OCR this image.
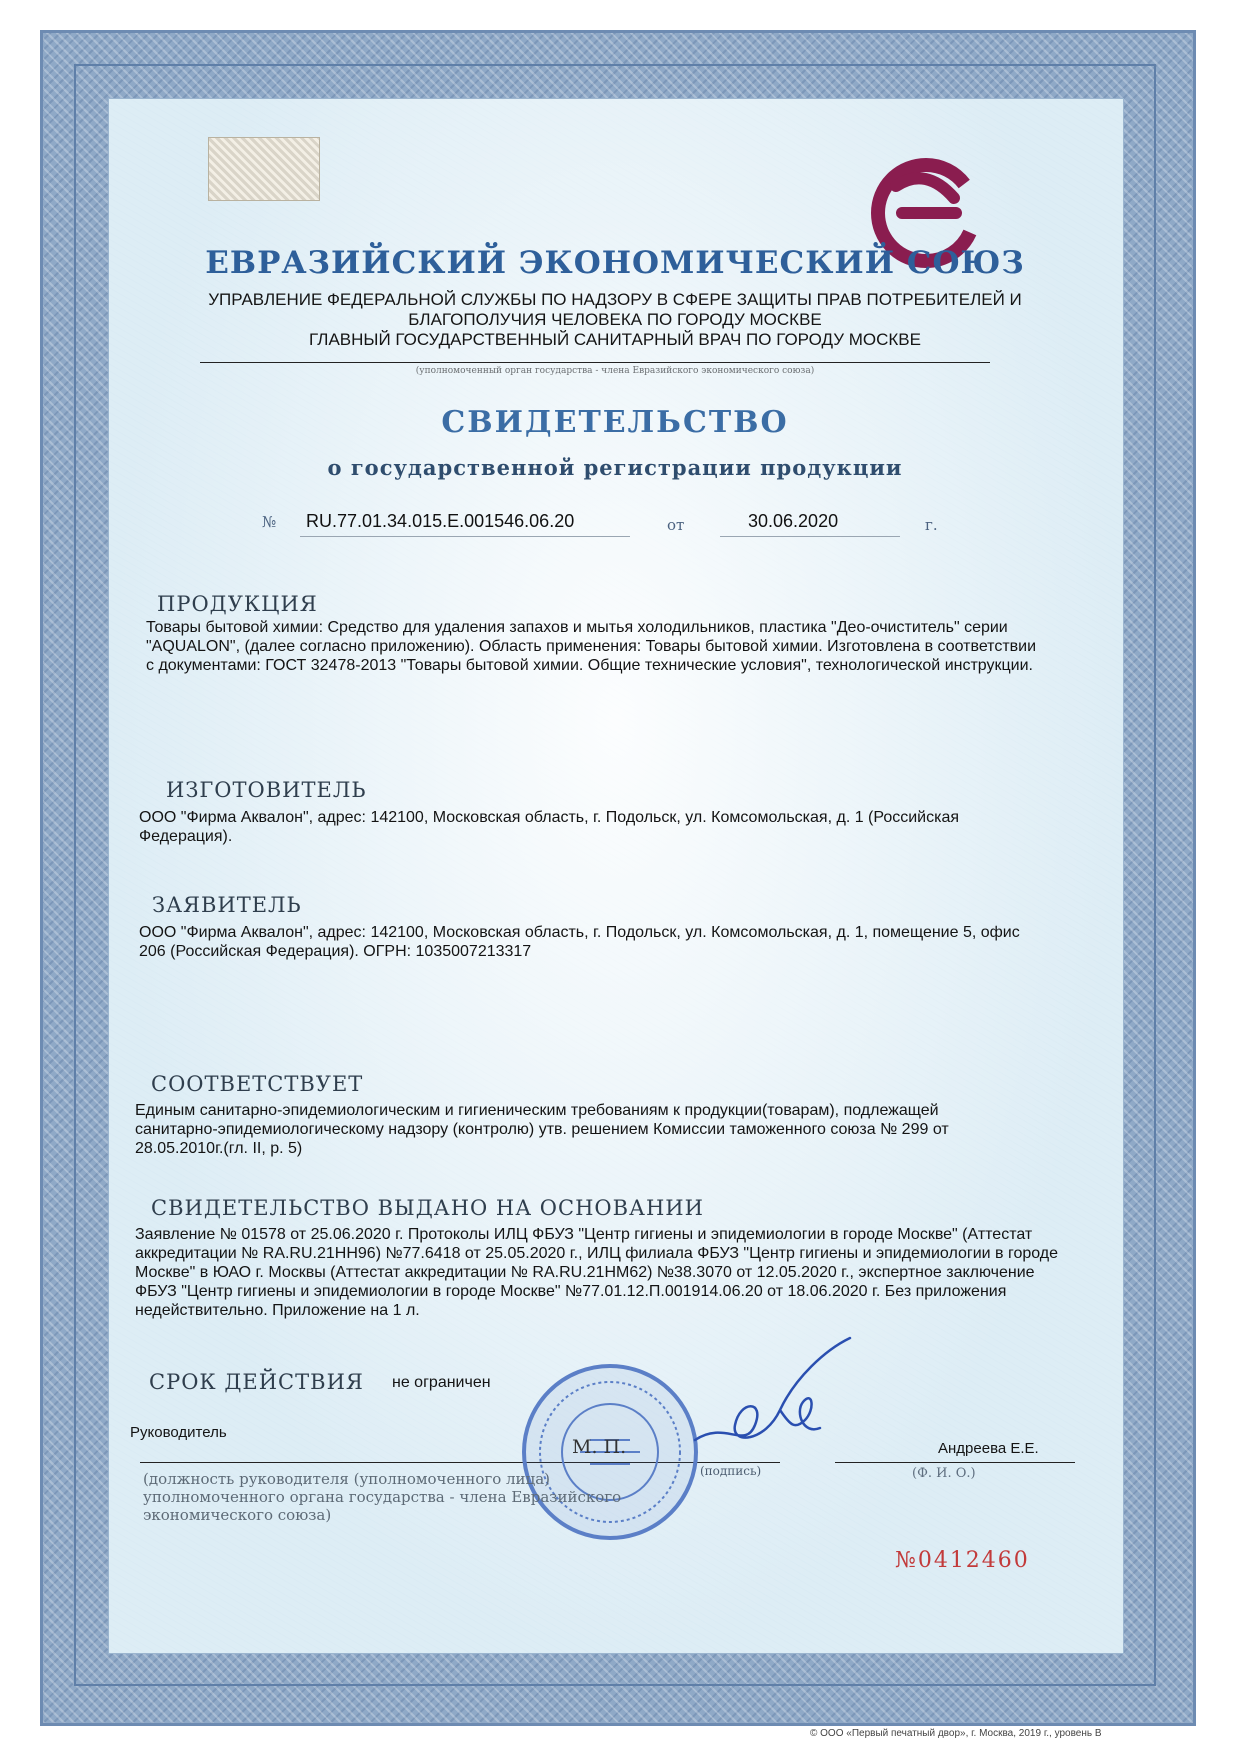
ЕВРАЗИЙСКИЙ ЭКОНОМИЧЕСКИЙ СОЮЗ
УПРАВЛЕНИЕ ФЕДЕРАЛЬНОЙ СЛУЖБЫ ПО НАДЗОРУ В СФЕРЕ ЗАЩИТЫ ПРАВ ПОТРЕБИТЕЛЕЙ И
БЛАГОПОЛУЧИЯ ЧЕЛОВЕКА ПО ГОРОДУ МОСКВЕ
ГЛАВНЫЙ ГОСУДАРСТВЕННЫЙ САНИТАРНЫЙ ВРАЧ ПО ГОРОДУ МОСКВЕ
(уполномоченный орган государства - члена Евразийского экономического союза)
СВИДЕТЕЛЬСТВО
о государственной регистрации продукции
№ RU.77.01.34.015.Е.001546.06.20	от	30.06.2020	г.
ПРОДУКЦИЯ
Товары бытовой химии: Средство для удаления запахов и мытья холодильников, пластика "Део-очиститель" серии "AQUALON", (далее согласно приложению). Область применения: Товары бытовой химии. Изготовлена в соответствии с документами: ГОСТ 32478-2013 "Товары бытовой химии. Общие технические условия", технологической инструкции.
ИЗГОТОВИТЕЛЬ
ООО "Фирма Аквалон", адрес: 142100, Московская область, г. Подольск, ул. Комсомольская, д. 1 (Российская Федерация).
ЗАЯВИТЕЛЬ
ООО "Фирма Аквалон", адрес: 142100, Московская область, г. Подольск, ул. Комсомольская, д. 1, помещение 5, офис 206 (Российская Федерация). ОГРН: 1035007213317
СООТВЕТСТВУЕТ
Единым санитарно-эпидемиологическим и гигиеническим требованиям к продукции(товарам), подлежащей санитарно-эпидемиологическому надзору (контролю) утв. решением Комиссии таможенного союза № 299 от 28.05.2010г.(гл. II, р. 5)
СВИДЕТЕЛЬСТВО ВЫДАНО НА ОСНОВАНИИ
Заявление № 01578 от 25.06.2020 г. Протоколы ИЛЦ ФБУЗ "Центр гигиены и эпидемиологии в городе Москве" (Аттестат аккредитации № RA.RU.21НН96) №77.6418 от 25.05.2020 г., ИЛЦ филиала ФБУЗ "Центр гигиены и эпидемиологии в городе Москве" в ЮАО г. Москвы (Аттестат аккредитации № RA.RU.21НМ62) №38.3070 от 12.05.2020 г., экспертное заключение ФБУЗ "Центр гигиены и эпидемиологии в городе Москве" №77.01.12.П.001914.06.20 от 18.06.2020 г. Без приложения недействительно. Приложение на 1 л.
СРОК ДЕЙСТВИЯ не ограничен
Руководитель
М. П.
(подпись)
Андреева Е.Е.
(Ф. И. О.)
(должность руководителя (уполномоченного лица) уполномоченного органа государства - члена Евразийского экономического союза)
№0412460
© ООО «Первый печатный двор», г. Москва, 2019 г., уровень В
